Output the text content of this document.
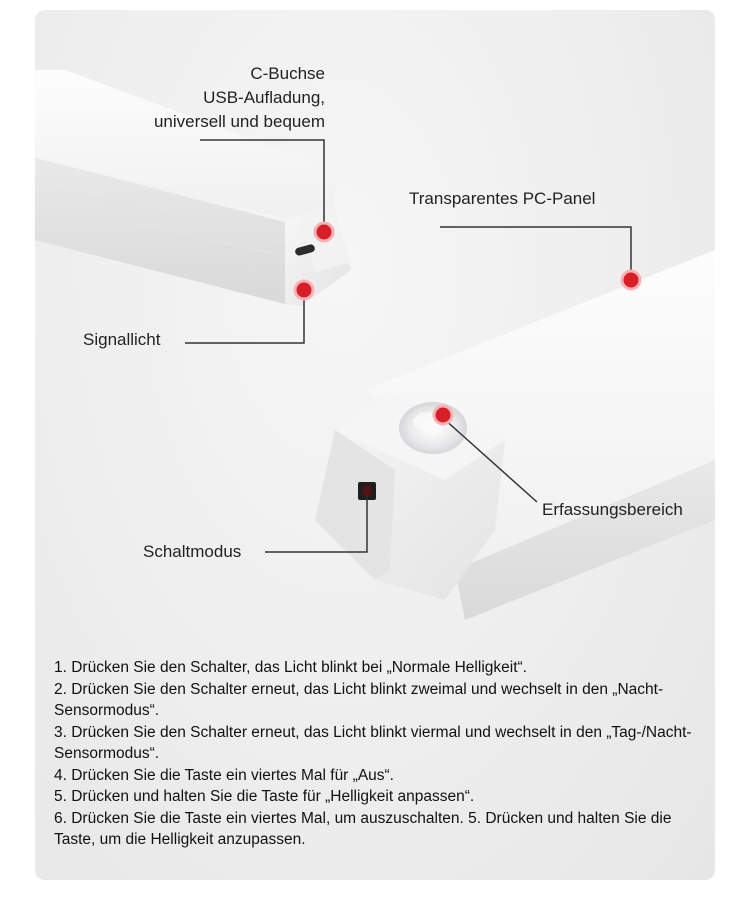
C-Buchse
USB-Aufladung,
universell und bequem
Transparentes PC-Panel
Signallicht
Erfassungsbereich
Schaltmodus

1. Drücken Sie den Schalter, das Licht blinkt bei „Normale Helligkeit“.

2. Drücken Sie den Schalter erneut, das Licht blinkt zweimal und wechselt in den „Nacht-Sensormodus“.

3. Drücken Sie den Schalter erneut, das Licht blinkt viermal und wechselt in den „Tag-/Nacht-Sensormodus“.

4. Drücken Sie die Taste ein viertes Mal für „Aus“.

5. Drücken und halten Sie die Taste für „Helligkeit anpassen“.

6. Drücken Sie die Taste ein viertes Mal, um auszuschalten. 5. Drücken und halten Sie die Taste, um die Helligkeit anzupassen.
